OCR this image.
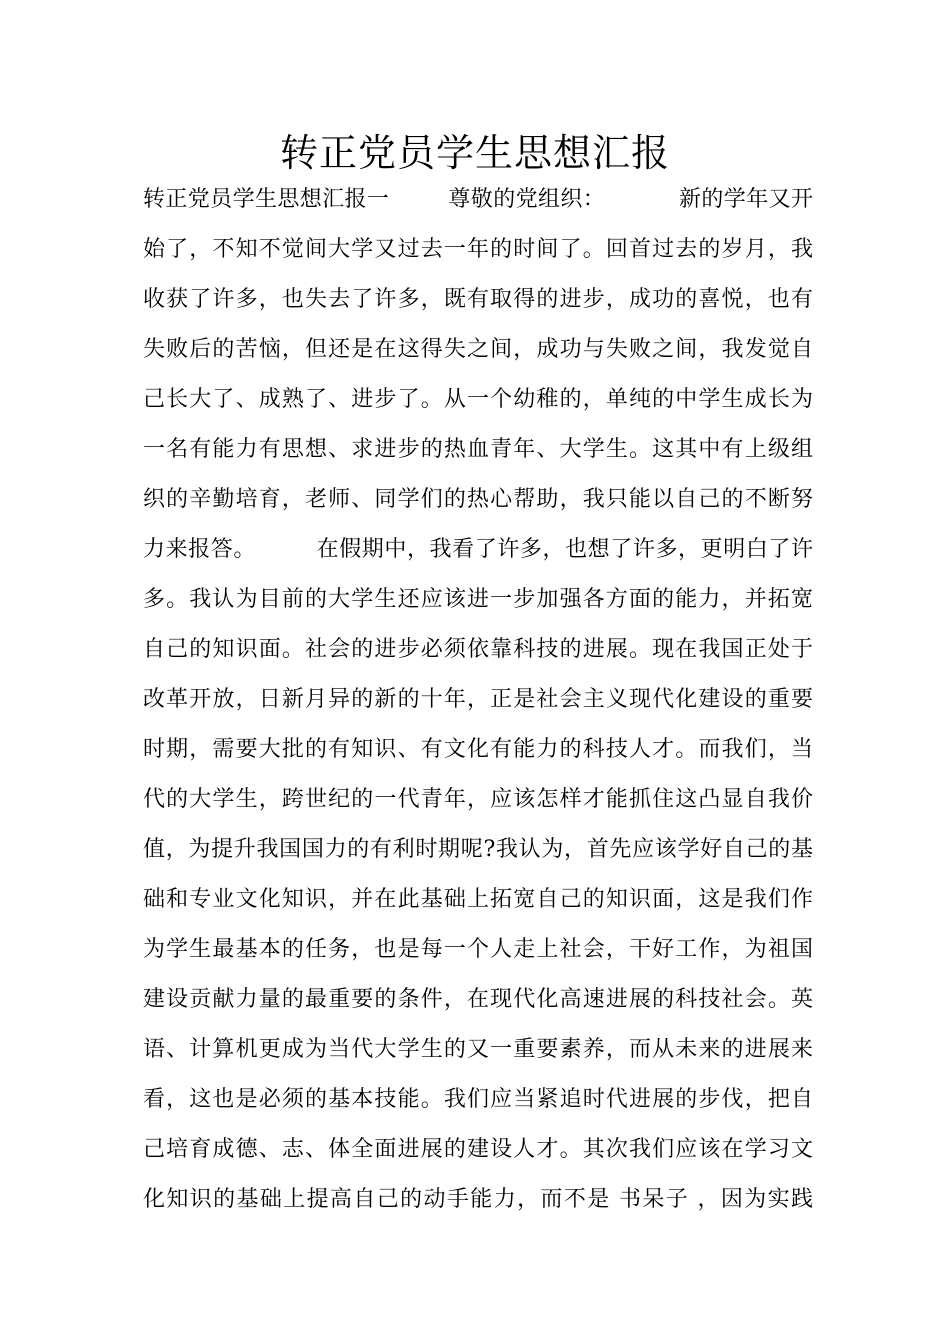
转正党员学生思想汇报
转正党员学生思想汇报一        尊敬的党组织：          新的学年又开
始了，不知不觉间大学又过去一年的时间了。回首过去的岁月，我
收获了许多，也失去了许多，既有取得的进步，成功的喜悦，也有
失败后的苦恼，但还是在这得失之间，成功与失败之间，我发觉自
己长大了、成熟了、进步了。从一个幼稚的，单纯的中学生成长为
一名有能力有思想、求进步的热血青年、大学生。这其中有上级组
织的辛勤培育，老师、同学们的热心帮助，我只能以自己的不断努
力来报答。        在假期中，我看了许多，也想了许多，更明白了许
多。我认为目前的大学生还应该进一步加强各方面的能力，并拓宽
自己的知识面。社会的进步必须依靠科技的进展。现在我国正处于
改革开放，日新月异的新的十年，正是社会主义现代化建设的重要
时期，需要大批的有知识、有文化有能力的科技人才。而我们，当
代的大学生，跨世纪的一代青年，应该怎样才能抓住这凸显自我价
值，为提升我国国力的有利时期呢?我认为，首先应该学好自己的基
础和专业文化知识，并在此基础上拓宽自己的知识面，这是我们作
为学生最基本的任务，也是每一个人走上社会，干好工作，为祖国
建设贡献力量的最重要的条件，在现代化高速进展的科技社会。英
语、计算机更成为当代大学生的又一重要素养，而从未来的进展来
看，这也是必须的基本技能。我们应当紧追时代进展的步伐，把自
己培育成德、志、体全面进展的建设人才。其次我们应该在学习文
化知识的基础上提高自己的动手能力，而不是 书呆子 ，因为实践
